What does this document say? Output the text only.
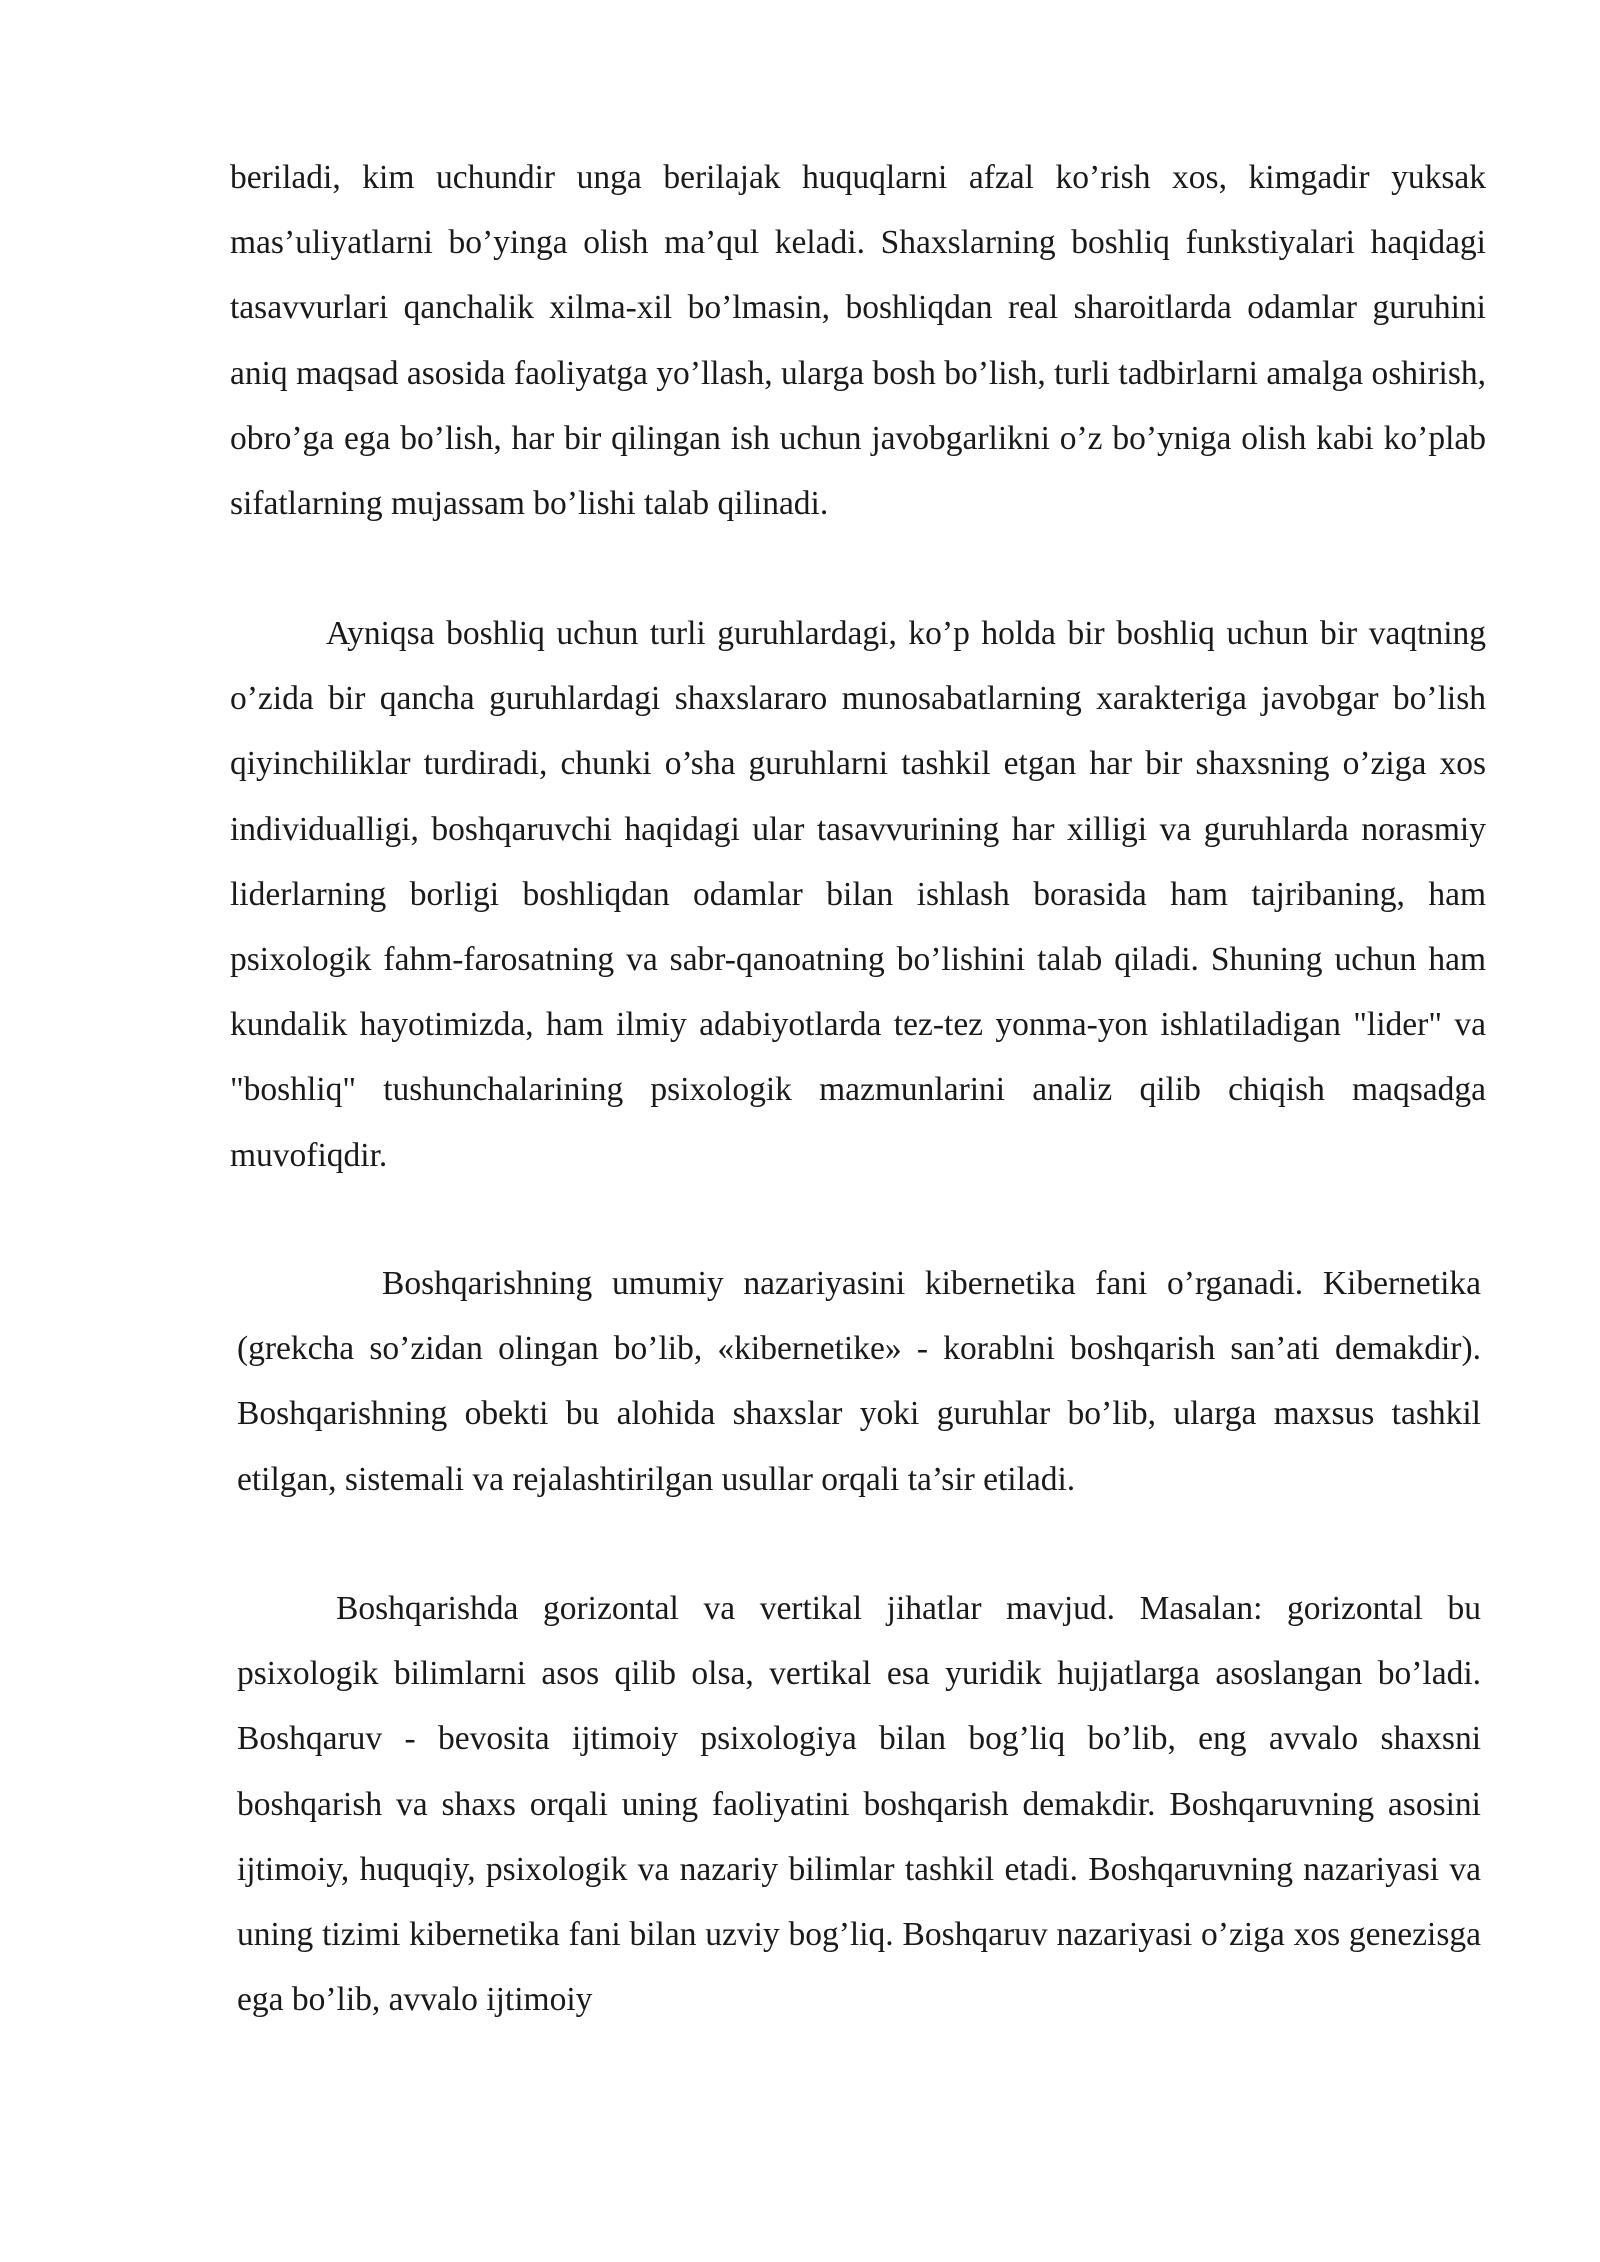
beriladi, kim uchundir unga berilajak huquqlarni afzal ko’rish xos, kimgadir yuksak mas’uliyatlarni bo’yinga olish ma’qul keladi. Shaxslarning boshliq funkstiyalari haqidagi tasavvurlari qanchalik xilma-xil bo’lmasin, boshliqdan real sharoitlarda odamlar guruhini aniq maqsad asosida faoliyatga yo’llash, ularga bosh bo’lish, turli tadbirlarni amalga oshirish, obro’ga ega bo’lish, har bir qilingan ish uchun javobgarlikni o’z bo’yniga olish kabi ko’plab sifatlarning mujassam bo’lishi talab qilinadi.

Ayniqsa boshliq uchun turli guruhlardagi, ko’p holda bir boshliq uchun bir vaqtning o’zida bir qancha guruhlardagi shaxslararo munosabatlarning xarakteriga javobgar bo’lish qiyinchiliklar turdiradi, chunki o’sha guruhlarni tashkil etgan har bir shaxsning o’ziga xos individualligi, boshqaruvchi haqidagi ular tasavvurining har xilligi va guruhlarda norasmiy liderlarning borligi boshliqdan odamlar bilan ishlash borasida ham tajribaning, ham psixologik fahm-farosatning va sabr-qanoatning bo’lishini talab qiladi. Shuning uchun ham kundalik hayotimizda, ham ilmiy adabiyotlarda tez-tez yonma-yon ishlatiladigan "lider" va "boshliq" tushunchalarining psixologik mazmunlarini analiz qilib chiqish maqsadga muvofiqdir.

Boshqarishning umumiy nazariyasini kibernetika fani o’rganadi. Kibernetika (grekcha so’zidan olingan bo’lib, «kibernetike» - korablni boshqarish san’ati demakdir). Boshqarishning obekti bu alohida shaxslar yoki guruhlar bo’lib, ularga maxsus tashkil etilgan, sistemali va rejalashtirilgan usullar orqali ta’sir etiladi.

Boshqarishda gorizontal va vertikal jihatlar mavjud. Masalan: gorizontal bu psixologik bilimlarni asos qilib olsa, vertikal esa yuridik hujjatlarga asoslangan bo’ladi. Boshqaruv - bevosita ijtimoiy psixologiya bilan bog’liq bo’lib, eng avvalo shaxsni boshqarish va shaxs orqali uning faoliyatini boshqarish demakdir. Boshqaruvning asosini ijtimoiy, huquqiy, psixologik va nazariy bilimlar tashkil etadi. Boshqaruvning nazariyasi va uning tizimi kibernetika fani bilan uzviy bog’liq. Boshqaruv nazariyasi o’ziga xos genezisga ega bo’lib, avvalo ijtimoiy
